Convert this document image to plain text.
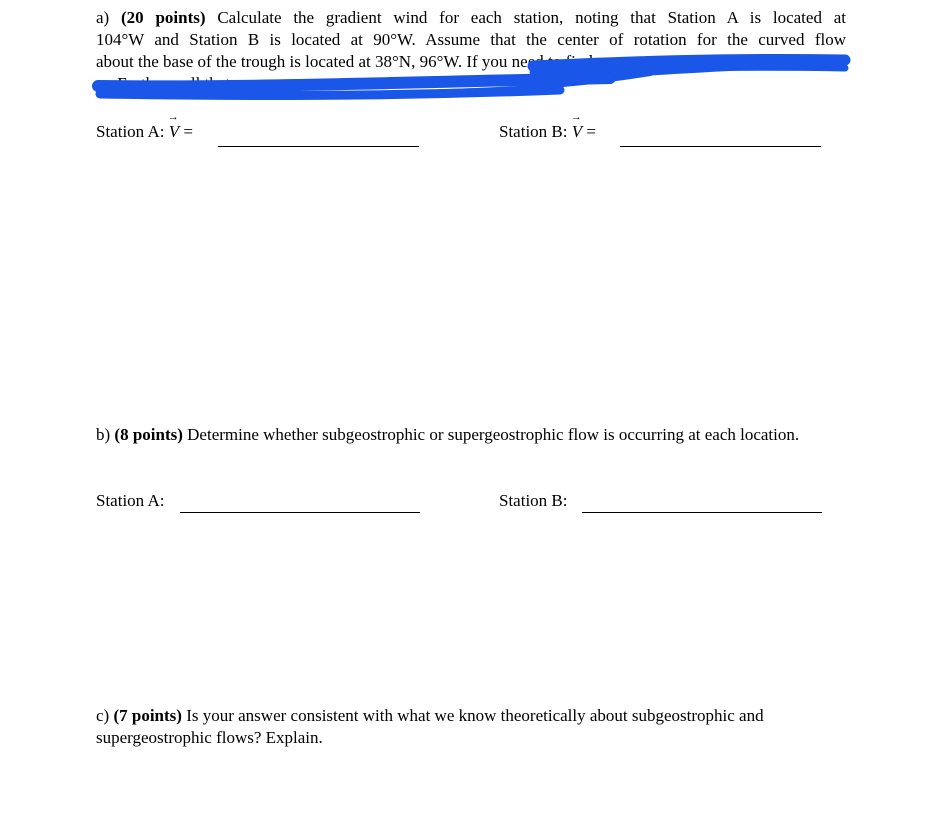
a) (20 points) Calculate the gradient wind for each station, noting that Station A is located at
104°W and Station B is located at 90°W. Assume that the center of rotation for the curved flow
about the base of the trough is located at 38°N, 96°W. If you need to find approximate distances
on Earth, recall that...
Station A: → V =	Station B: → V =
b) (8 points) Determine whether subgeostrophic or supergeostrophic flow is occurring at each location.
Station A:	Station B:
c) (7 points) Is your answer consistent with what we know theoretically about subgeostrophic and supergeostrophic flows? Explain.
